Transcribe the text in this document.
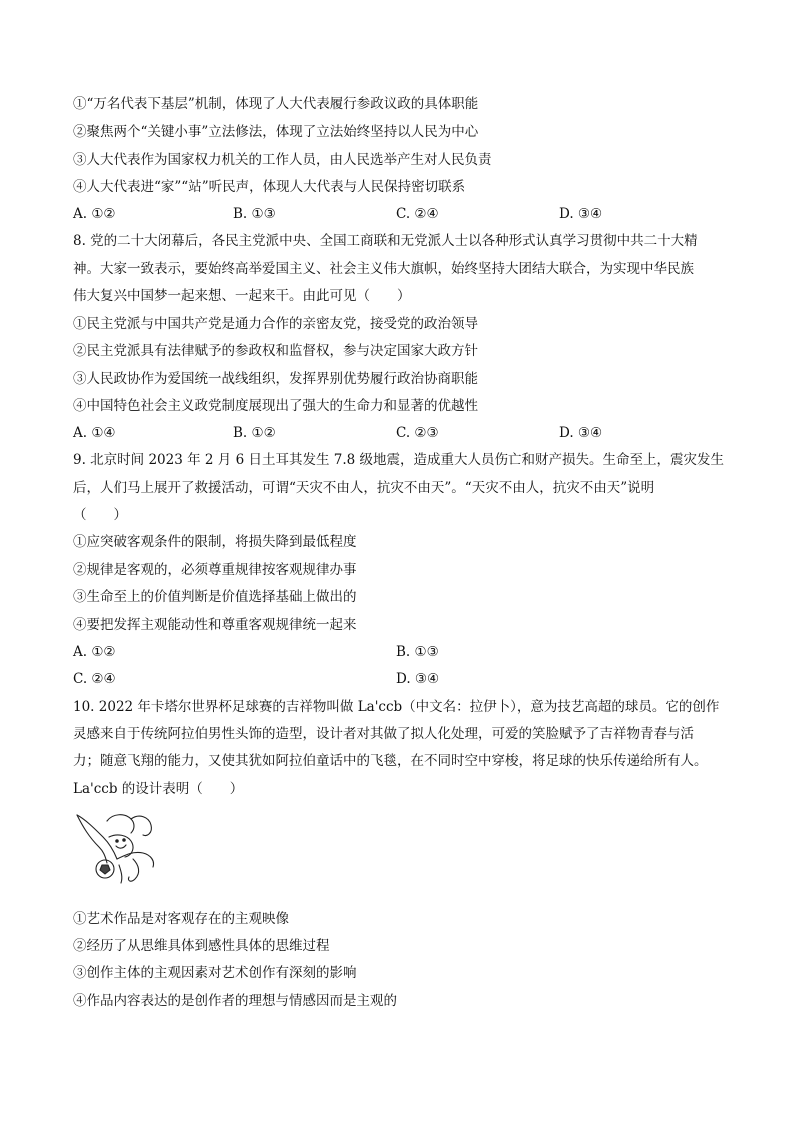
①“万名代表下基层”机制，体现了人大代表履行参政议政的具体职能
②聚焦两个“关键小事”立法修法，体现了立法始终坚持以人民为中心
③人大代表作为国家权力机关的工作人员，由人民选举产生对人民负责
④人大代表进“家”“站”听民声，体现人大代表与人民保持密切联系
A. ①②	B. ①③	C. ②④	D. ③④
8. 党的二十大闭幕后，各民主党派中央、全国工商联和无党派人士以各种形式认真学习贯彻中共二十大精
神。大家一致表示，要始终高举爱国主义、社会主义伟大旗帜，始终坚持大团结大联合，为实现中华民族
伟大复兴中国梦一起来想、一起来干。由此可见（　　）
①民主党派与中国共产党是通力合作的亲密友党，接受党的政治领导
②民主党派具有法律赋予的参政权和监督权，参与决定国家大政方针
③人民政协作为爱国统一战线组织，发挥界别优势履行政治协商职能
④中国特色社会主义政党制度展现出了强大的生命力和显著的优越性
A. ①④	B. ①②	C. ②③	D. ③④
9. 北京时间 2023 年 2 月 6 日土耳其发生 7.8 级地震，造成重大人员伤亡和财产损失。生命至上，震灾发生
后，人们马上展开了救援活动，可谓“天灾不由人，抗灾不由天”。“天灾不由人，抗灾不由天”说明
（　　）
①应突破客观条件的限制，将损失降到最低程度
②规律是客观的，必须尊重规律按客观规律办事
③生命至上的价值判断是价值选择基础上做出的
④要把发挥主观能动性和尊重客观规律统一起来
A. ①②	B. ①③
C. ②④	D. ③④
10. 2022 年卡塔尔世界杯足球赛的吉祥物叫做 La'ccb（中文名：拉伊卜），意为技艺高超的球员。它的创作
灵感来自于传统阿拉伯男性头饰的造型，设计者对其做了拟人化处理，可爱的笑脸赋予了吉祥物青春与活
力；随意飞翔的能力，又使其犹如阿拉伯童话中的飞毯，在不同时空中穿梭，将足球的快乐传递给所有人。
La'ccb 的设计表明（　　）
①艺术作品是对客观存在的主观映像
②经历了从思维具体到感性具体的思维过程
③创作主体的主观因素对艺术创作有深刻的影响
④作品内容表达的是创作者的理想与情感因而是主观的
